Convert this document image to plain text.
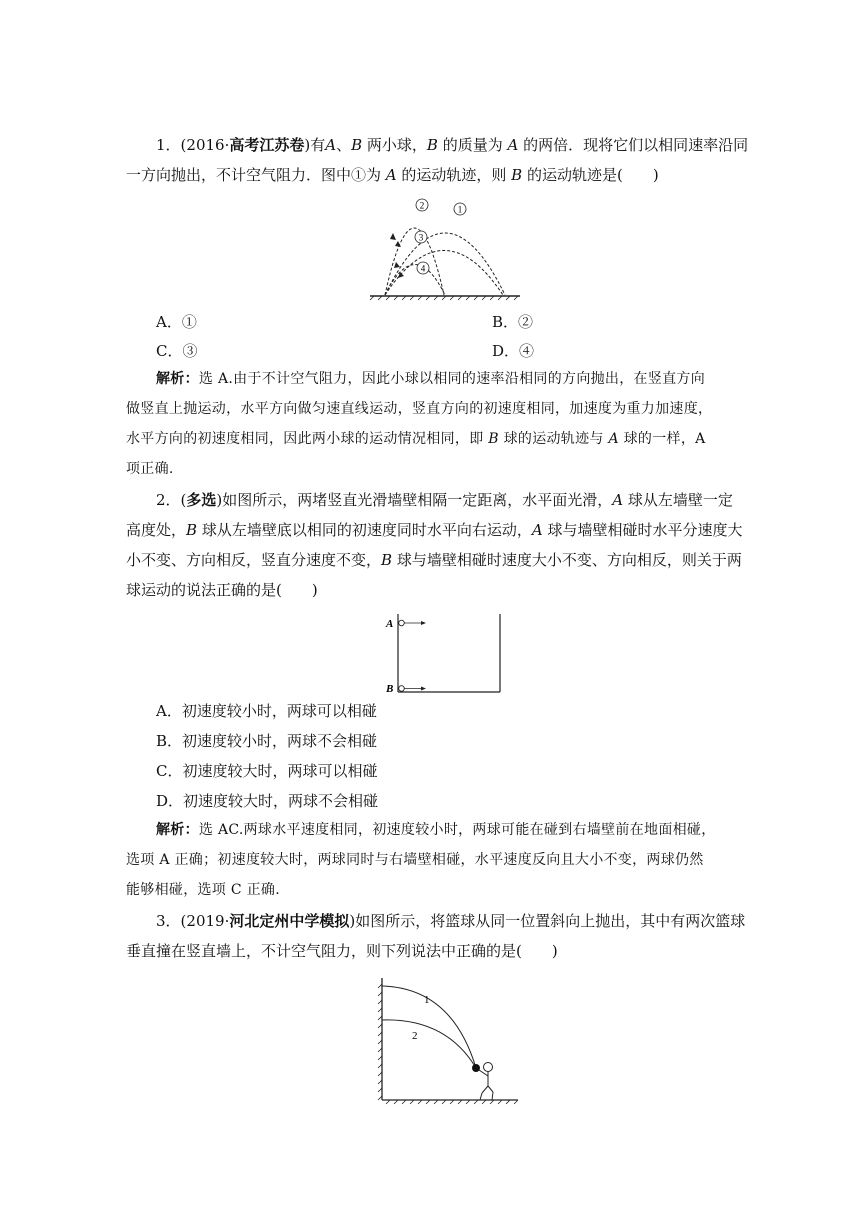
1．(2016·高考江苏卷)有A、B 两小球，B 的质量为 A 的两倍．现将它们以相同速率沿同
一方向抛出，不计空气阻力．图中①为 A 的运动轨迹，则 B 的运动轨迹是(　　)
2	1
3
4
A．①	B．②
C．③	D．④
解析：选 A.由于不计空气阻力，因此小球以相同的速率沿相同的方向抛出，在竖直方向
做竖直上抛运动，水平方向做匀速直线运动，竖直方向的初速度相同，加速度为重力加速度，
水平方向的初速度相同，因此两小球的运动情况相同，即 B 球的运动轨迹与 A 球的一样，A
项正确.
2．(多选)如图所示，两堵竖直光滑墙壁相隔一定距离，水平面光滑，A 球从左墙壁一定
高度处，B 球从左墙壁底以相同的初速度同时水平向右运动，A 球与墙壁相碰时水平分速度大
小不变、方向相反，竖直分速度不变，B 球与墙壁相碰时速度大小不变、方向相反，则关于两
球运动的说法正确的是(　　)
A
B
A．初速度较小时，两球可以相碰
B．初速度较小时，两球不会相碰
C．初速度较大时，两球可以相碰
D．初速度较大时，两球不会相碰
解析：选 AC.两球水平速度相同，初速度较小时，两球可能在碰到右墙壁前在地面相碰，
选项 A 正确；初速度较大时，两球同时与右墙壁相碰，水平速度反向且大小不变，两球仍然
能够相碰，选项 C 正确.
3．(2019·河北定州中学模拟)如图所示，将篮球从同一位置斜向上抛出，其中有两次篮球
垂直撞在竖直墙上，不计空气阻力，则下列说法中正确的是(　　)
1
2
